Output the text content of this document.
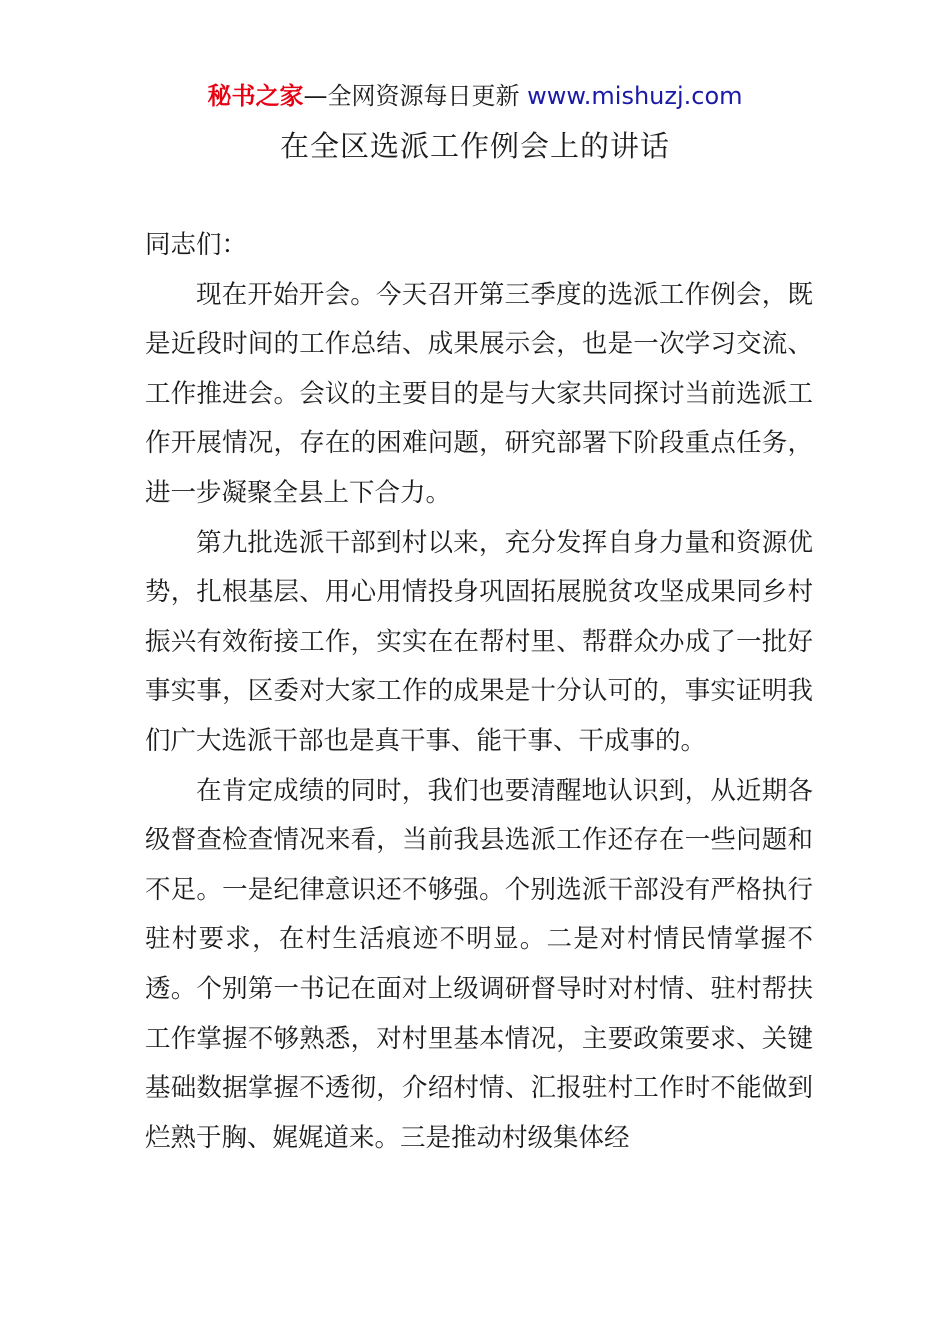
秘书之家—全网资源每日更新 www.mishuzj.com
在全区选派工作例会上的讲话

同志们：

现在开始开会。今天召开第三季度的选派工作例会，既是近段时间的工作总结、成果展示会，也是一次学习交流、工作推进会。会议的主要目的是与大家共同探讨当前选派工作开展情况，存在的困难问题，研究部署下阶段重点任务，进一步凝聚全县上下合力。

第九批选派干部到村以来，充分发挥自身力量和资源优势，扎根基层、用心用情投身巩固拓展脱贫攻坚成果同乡村振兴有效衔接工作，实实在在帮村里、帮群众办成了一批好事实事，区委对大家工作的成果是十分认可的，事实证明我们广大选派干部也是真干事、能干事、干成事的。

在肯定成绩的同时，我们也要清醒地认识到，从近期各级督查检查情况来看，当前我县选派工作还存在一些问题和不足。一是纪律意识还不够强。个别选派干部没有严格执行驻村要求，在村生活痕迹不明显。二是对村情民情掌握不透。个别第一书记在面对上级调研督导时对村情、驻村帮扶工作掌握不够熟悉，对村里基本情况，主要政策要求、关键基础数据掌握不透彻，介绍村情、汇报驻村工作时不能做到烂熟于胸、娓娓道来。三是推动村级集体经
